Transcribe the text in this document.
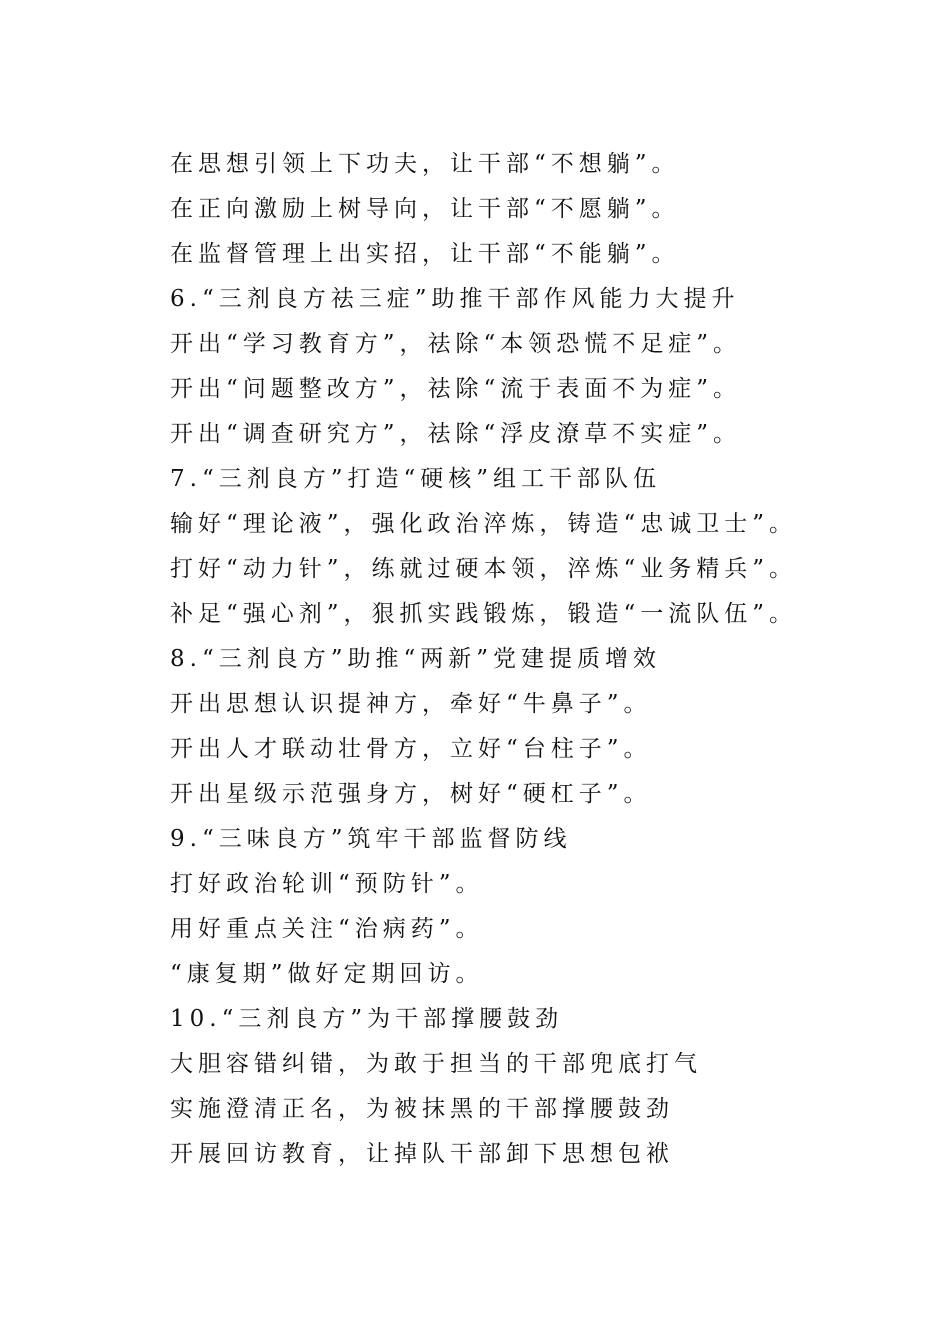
在思想引领上下功夫，让干部“不想躺”。
在正向激励上树导向，让干部“不愿躺”。
在监督管理上出实招，让干部“不能躺”。
6.“三剂良方祛三症”助推干部作风能力大提升
开出“学习教育方”，祛除“本领恐慌不足症”。
开出“问题整改方”，祛除“流于表面不为症”。
开出“调查研究方”，祛除“浮皮潦草不实症”。
7.“三剂良方”打造“硬核”组工干部队伍
输好“理论液”，强化政治淬炼，铸造“忠诚卫士”。
打好“动力针”，练就过硬本领，淬炼“业务精兵”。
补足“强心剂”，狠抓实践锻炼，锻造“一流队伍”。
8.“三剂良方”助推“两新”党建提质增效
开出思想认识提神方，牵好“牛鼻子”。
开出人才联动壮骨方，立好“台柱子”。
开出星级示范强身方，树好“硬杠子”。
9.“三味良方”筑牢干部监督防线
打好政治轮训“预防针”。
用好重点关注“治病药”。
“康复期”做好定期回访。
10.“三剂良方”为干部撑腰鼓劲
大胆容错纠错，为敢于担当的干部兜底打气
实施澄清正名，为被抹黑的干部撑腰鼓劲
开展回访教育，让掉队干部卸下思想包袱
